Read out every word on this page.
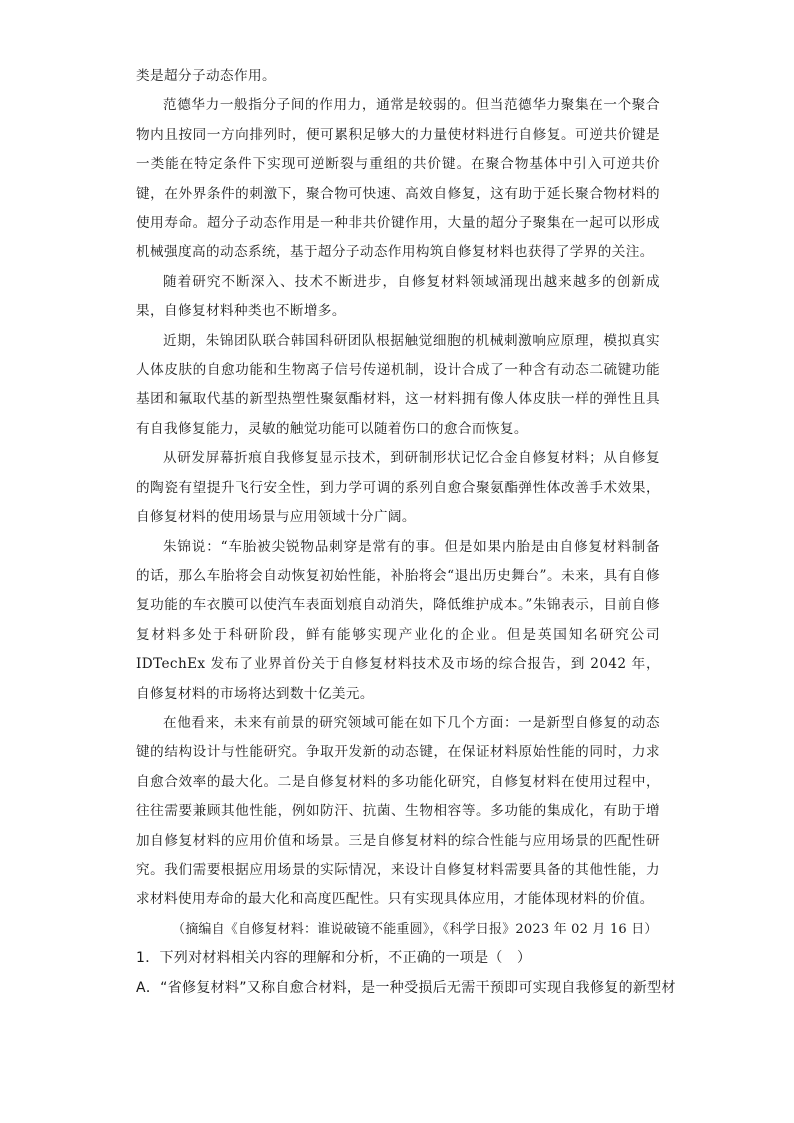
类是超分子动态作用。

范德华力一般指分子间的作用力，通常是较弱的。但当范德华力聚集在一个聚合物内且按同一方向排列时，便可累积足够大的力量使材料进行自修复。可逆共价键是一类能在特定条件下实现可逆断裂与重组的共价键。在聚合物基体中引入可逆共价键，在外界条件的刺激下，聚合物可快速、高效自修复，这有助于延长聚合物材料的使用寿命。超分子动态作用是一种非共价键作用，大量的超分子聚集在一起可以形成机械强度高的动态系统，基于超分子动态作用构筑自修复材料也获得了学界的关注。

随着研究不断深入、技术不断进步，自修复材料领域涌现出越来越多的创新成果，自修复材料种类也不断增多。

近期，朱锦团队联合韩国科研团队根据触觉细胞的机械刺激响应原理，模拟真实人体皮肤的自愈功能和生物离子信号传递机制，设计合成了一种含有动态二硫键功能基团和氟取代基的新型热塑性聚氨酯材料，这一材料拥有像人体皮肤一样的弹性且具有自我修复能力，灵敏的触觉功能可以随着伤口的愈合而恢复。

从研发屏幕折痕自我修复显示技术，到研制形状记忆合金自修复材料；从自修复的陶瓷有望提升飞行安全性，到力学可调的系列自愈合聚氨酯弹性体改善手术效果，自修复材料的使用场景与应用领域十分广阔。

朱锦说：“车胎被尖锐物品刺穿是常有的事。但是如果内胎是由自修复材料制备的话，那么车胎将会自动恢复初始性能，补胎将会“退出历史舞台”。未来，具有自修复功能的车衣膜可以使汽车表面划痕自动消失，降低维护成本。”朱锦表示，目前自修复材料多处于科研阶段，鲜有能够实现产业化的企业。但是英国知名研究公司 IDTechEx 发布了业界首份关于自修复材料技术及市场的综合报告，到 2042 年，自修复材料的市场将达到数十亿美元。

在他看来，未来有前景的研究领域可能在如下几个方面：一是新型自修复的动态键的结构设计与性能研究。争取开发新的动态键，在保证材料原始性能的同时，力求自愈合效率的最大化。二是自修复材料的多功能化研究，自修复材料在使用过程中，往往需要兼顾其他性能，例如防汗、抗菌、生物相容等。多功能的集成化，有助于增加自修复材料的应用价值和场景。三是自修复材料的综合性能与应用场景的匹配性研究。我们需要根据应用场景的实际情况，来设计自修复材料需要具备的其他性能，力求材料使用寿命的最大化和高度匹配性。只有实现具体应用，才能体现材料的价值。

（摘编自《自修复材料：谁说破镜不能重圆》，《科学日报》2023 年 02 月 16 日）

1．下列对材料相关内容的理解和分析，不正确的一项是（　）

A．“省修复材料”又称自愈合材料，是一种受损后无需干预即可实现自我修复的新型材
